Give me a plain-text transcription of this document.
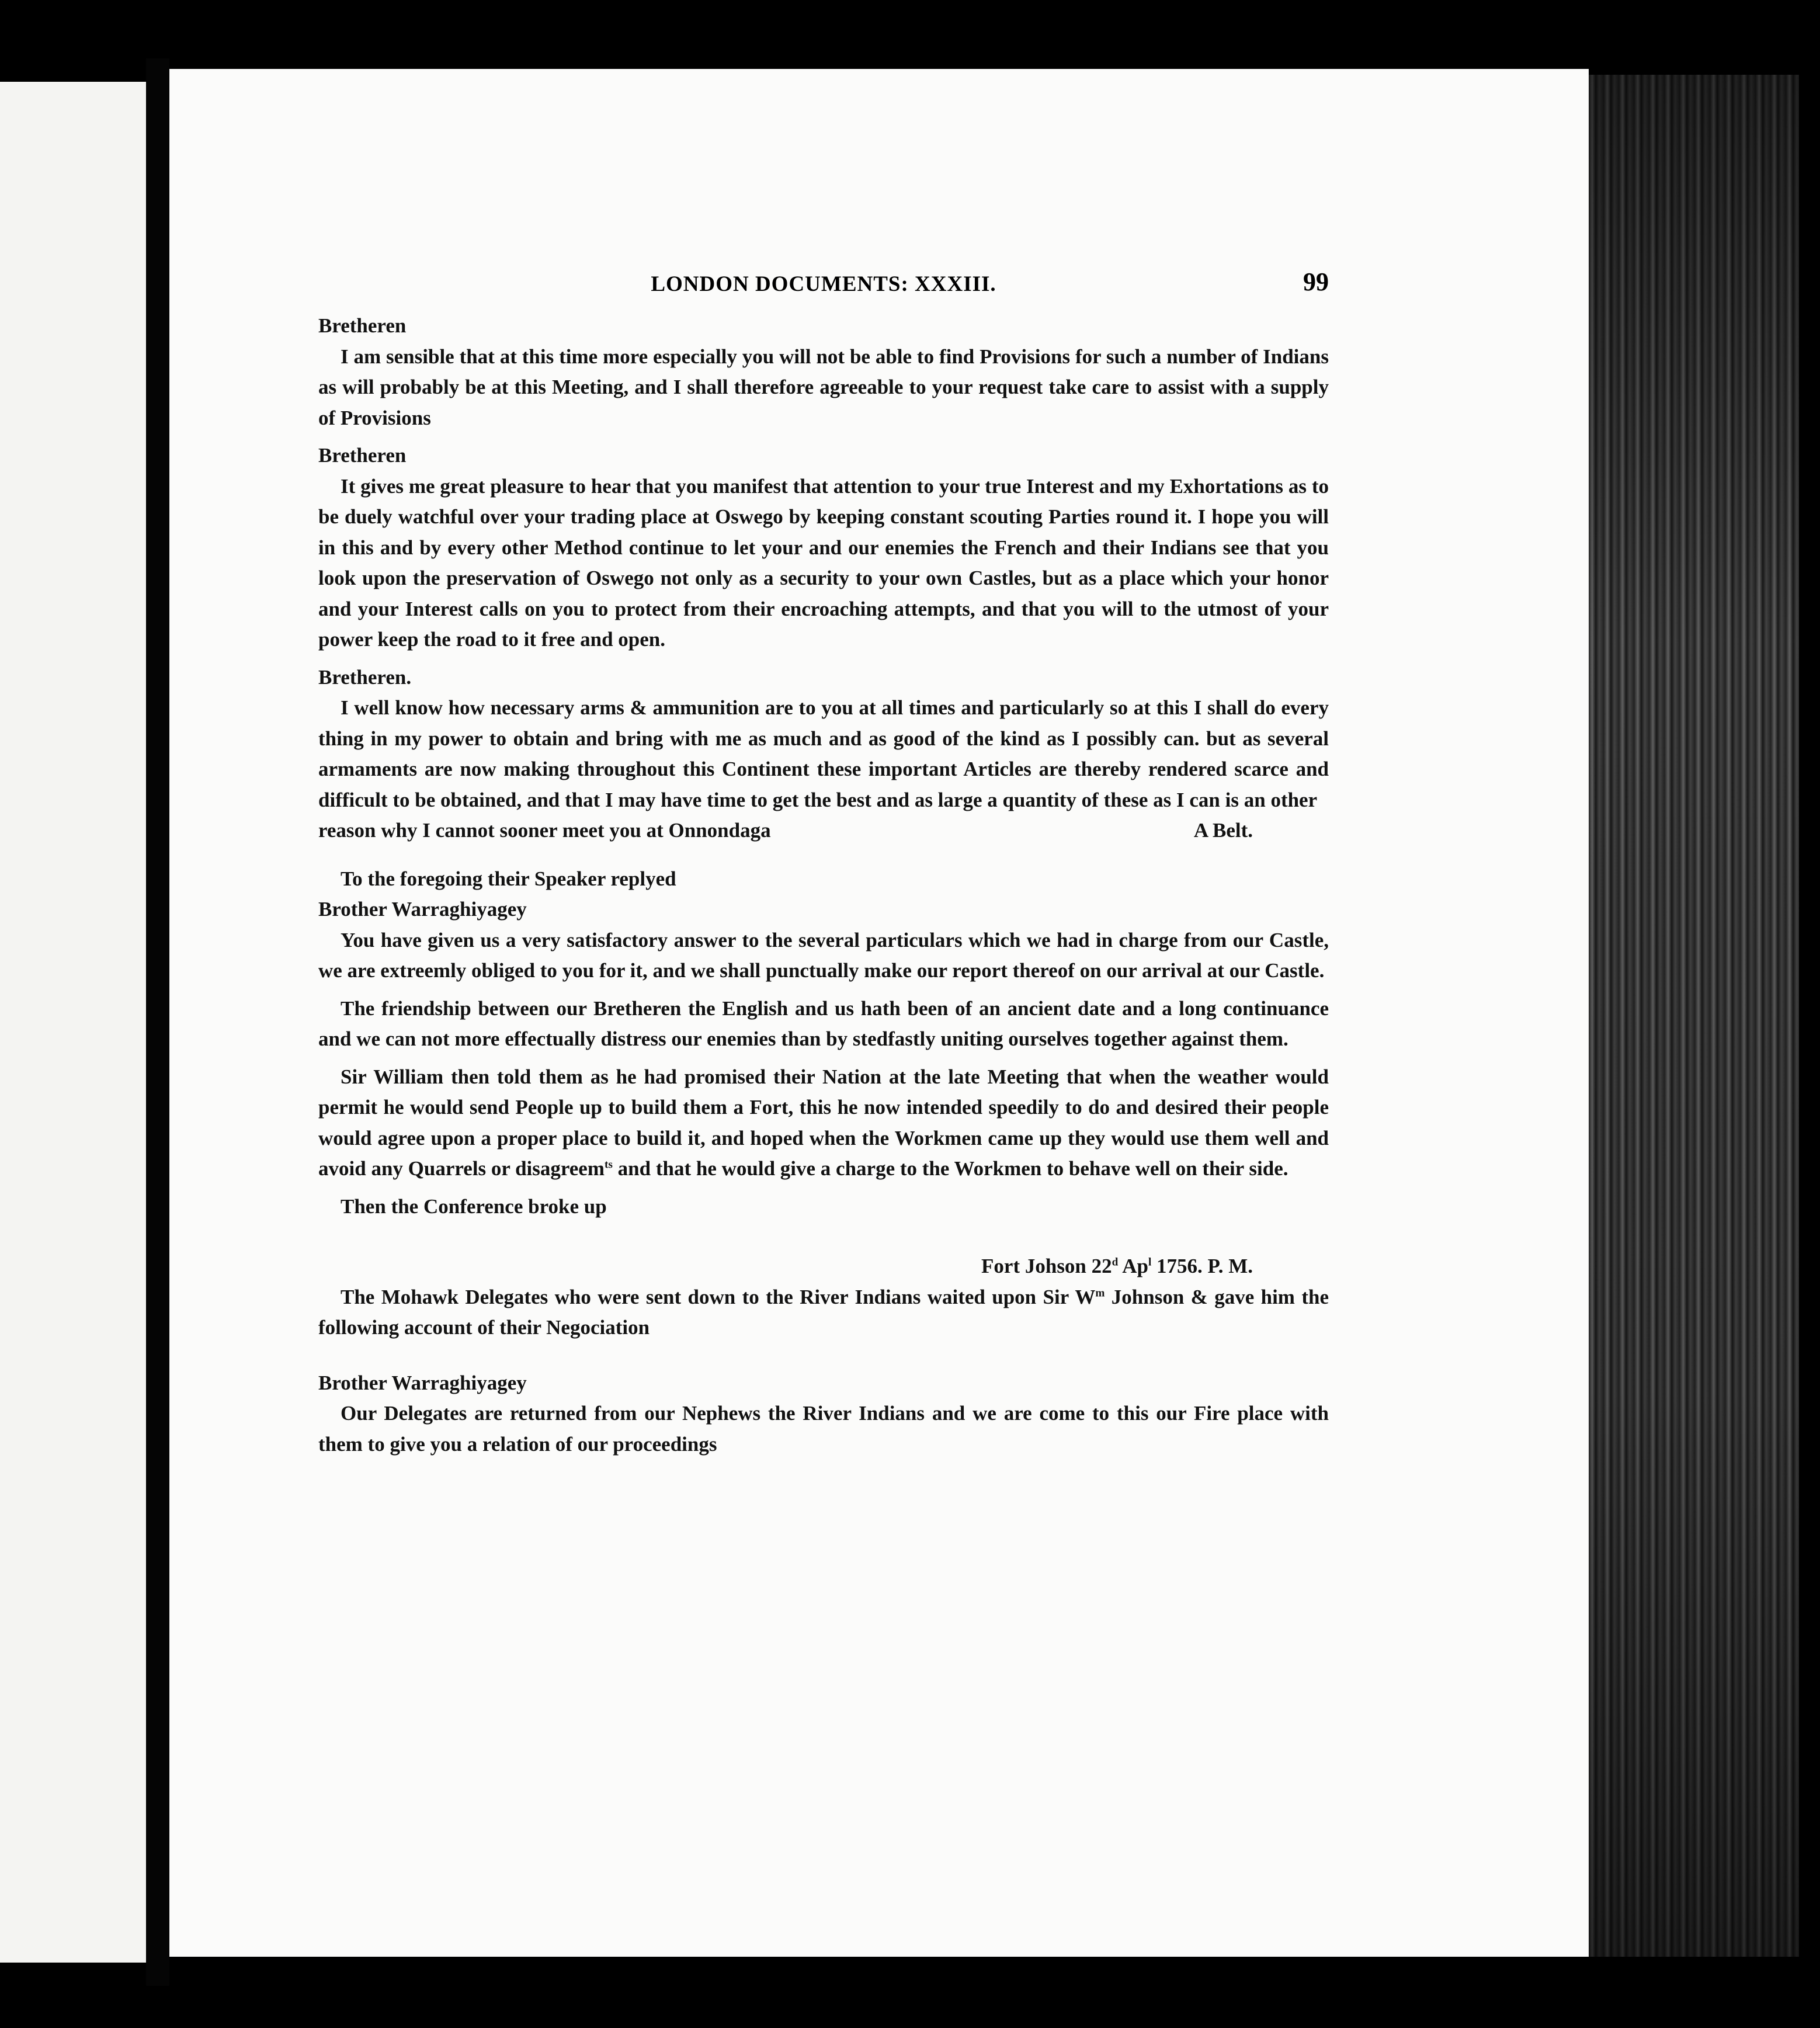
LONDON DOCUMENTS: XXXIII.	99

Bretheren

I am sensible that at this time more especially you will not be able to find Provisions for such a number of Indians as will probably be at this Meeting, and I shall therefore agreeable to your request take care to assist with a supply of Provisions

Bretheren

It gives me great pleasure to hear that you manifest that attention to your true Interest and my Exhortations as to be duely watchful over your trading place at Oswego by keeping constant scouting Parties round it. I hope you will in this and by every other Method continue to let your and our enemies the French and their Indians see that you look upon the preservation of Oswego not only as a security to your own Castles, but as a place which your honor and your Interest calls on you to protect from their encroaching attempts, and that you will to the utmost of your power keep the road to it free and open.

Bretheren.

I well know how necessary arms & ammunition are to you at all times and particularly so at this I shall do every thing in my power to obtain and bring with me as much and as good of the kind as I possibly can. but as several armaments are now making throughout this Continent these important Articles are thereby rendered scarce and difficult to be obtained, and that I may have time to get the best and as large a quantity of these as I can is an other

reason why I cannot sooner meet you at Onnondaga	A Belt.

To the foregoing their Speaker replyed

Brother Warraghiyagey

You have given us a very satisfactory answer to the several particulars which we had in charge from our Castle, we are extreemly obliged to you for it, and we shall punctually make our report thereof on our arrival at our Castle.

The friendship between our Bretheren the English and us hath been of an ancient date and a long continuance and we can not more effectually distress our enemies than by stedfastly uniting ourselves together against them.

Sir William then told them as he had promised their Nation at the late Meeting that when the weather would permit he would send People up to build them a Fort, this he now intended speedily to do and desired their people would agree upon a proper place to build it, and hoped when the Workmen came up they would use them well and avoid any Quarrels or disagreem$^{ts}$ and that he would give a charge to the Workmen to behave well on their side.

Then the Conference broke up

Fort Johson 22$^d$ Ap$^l$ 1756. P. M.

The Mohawk Delegates who were sent down to the River Indians waited upon Sir $W^m$ Johnson & gave him the following account of their Negociation

Brother Warraghiyagey

Our Delegates are returned from our Nephews the River Indians and we are come to this our Fire place with them to give you a relation of our proceedings
